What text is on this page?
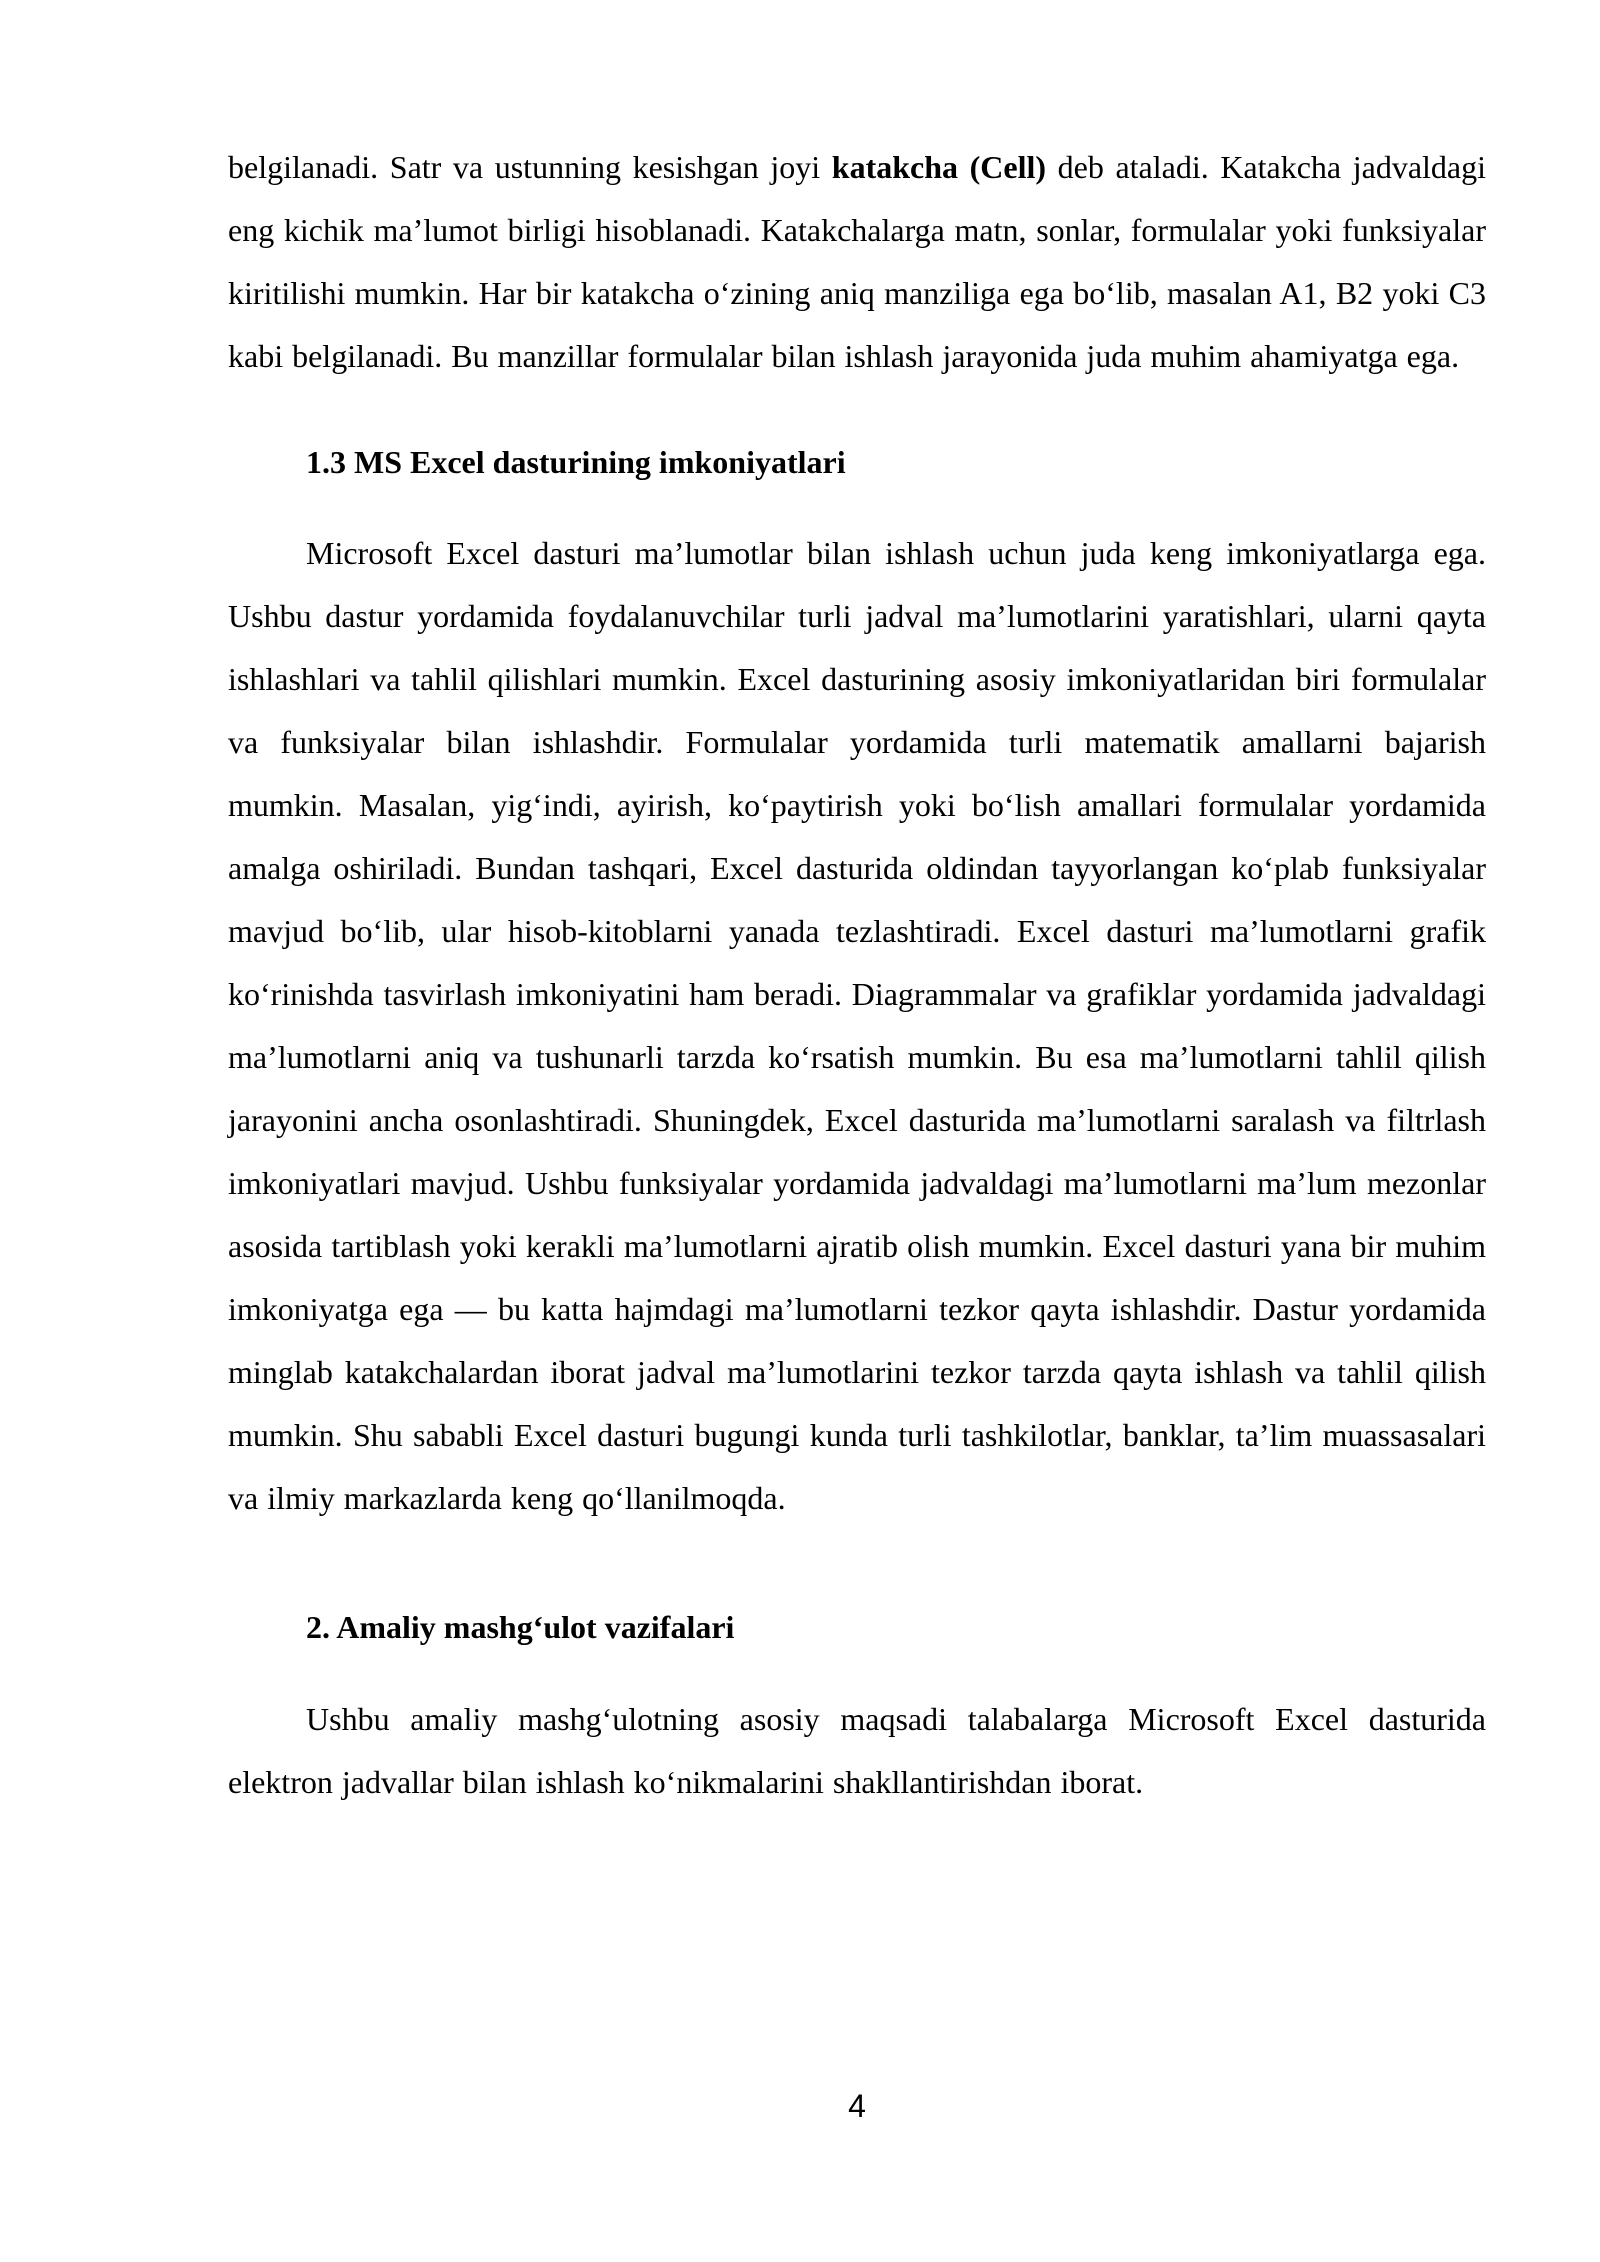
belgilanadi. Satr va ustunning kesishgan joyi katakcha (Cell) deb ataladi. Katakcha jadvaldagi eng kichik ma’lumot birligi hisoblanadi. Katakchalarga matn, sonlar, formulalar yoki funksiyalar kiritilishi mumkin. Har bir katakcha o‘zining aniq manziliga ega bo‘lib, masalan A1, B2 yoki C3 kabi belgilanadi. Bu manzillar formulalar bilan ishlash jarayonida juda muhim ahamiyatga ega.

1.3 MS Excel dasturining imkoniyatlari

Microsoft Excel dasturi ma’lumotlar bilan ishlash uchun juda keng imkoniyatlarga ega. Ushbu dastur yordamida foydalanuvchilar turli jadval ma’lumotlarini yaratishlari, ularni qayta ishlashlari va tahlil qilishlari mumkin. Excel dasturining asosiy imkoniyatlaridan biri formulalar va funksiyalar bilan ishlashdir. Formulalar yordamida turli matematik amallarni bajarish mumkin. Masalan, yig‘indi, ayirish, ko‘paytirish yoki bo‘lish amallari formulalar yordamida amalga oshiriladi. Bundan tashqari, Excel dasturida oldindan tayyorlangan ko‘plab funksiyalar mavjud bo‘lib, ular hisob-kitoblarni yanada tezlashtiradi. Excel dasturi ma’lumotlarni grafik ko‘rinishda tasvirlash imkoniyatini ham beradi. Diagrammalar va grafiklar yordamida jadvaldagi ma’lumotlarni aniq va tushunarli tarzda ko‘rsatish mumkin. Bu esa ma’lumotlarni tahlil qilish jarayonini ancha osonlashtiradi. Shuningdek, Excel dasturida ma’lumotlarni saralash va filtrlash imkoniyatlari mavjud. Ushbu funksiyalar yordamida jadvaldagi ma’lumotlarni ma’lum mezonlar asosida tartiblash yoki kerakli ma’lumotlarni ajratib olish mumkin. Excel dasturi yana bir muhim imkoniyatga ega — bu katta hajmdagi ma’lumotlarni tezkor qayta ishlashdir. Dastur yordamida minglab katakchalardan iborat jadval ma’lumotlarini tezkor tarzda qayta ishlash va tahlil qilish mumkin. Shu sababli Excel dasturi bugungi kunda turli tashkilotlar, banklar, ta’lim muassasalari va ilmiy markazlarda keng qo‘llanilmoqda.

2. Amaliy mashg‘ulot vazifalari

Ushbu amaliy mashg‘ulotning asosiy maqsadi talabalarga Microsoft Excel dasturida elektron jadvallar bilan ishlash ko‘nikmalarini shakllantirishdan iborat.

4
